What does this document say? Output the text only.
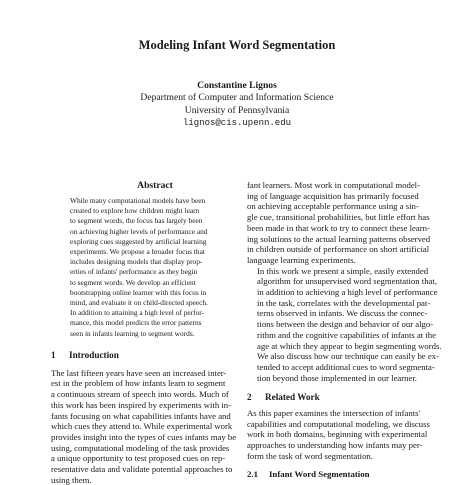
Modeling Infant Word Segmentation
Constantine Lignos
Department of Computer and Information Science
University of Pennsylvania
lignos@cis.upenn.edu
Abstract
While many computational models have been
created to explore how children might learn
to segment words, the focus has largely been
on achieving higher levels of performance and
exploring cues suggested by artificial learning
experiments. We propose a broader focus that
includes designing models that display prop-
erties of infants' performance as they begin
to segment words. We develop an efficient
bootstrapping online learner with this focus in
mind, and evaluate it on child-directed speech.
In addition to attaining a high level of perfor-
mance, this model predicts the error patterns
seen in infants learning to segment words.
1 Introduction
The last fifteen years have seen an increased inter-
est in the problem of how infants learn to segment
a continuous stream of speech into words. Much of
this work has been inspired by experiments with in-
fants focusing on what capabilities infants have and
which cues they attend to. While experimental work
provides insight into the types of cues infants may be
using, computational modeling of the task provides
a unique opportunity to test proposed cues on rep-
resentative data and validate potential approaches to
using them.
fant learners. Most work in computational model-
ing of language acquisition has primarily focused
on achieving acceptable performance using a sin-
gle cue, transitional probabilities, but little effort has
been made in that work to try to connect these learn-
ing solutions to the actual learning patterns observed
in children outside of performance on short artificial
language learning experiments.
In this work we present a simple, easily extended
algorithm for unsupervised word segmentation that,
in addition to achieving a high level of performance
in the task, correlates with the developmental pat-
terns observed in infants. We discuss the connec-
tions between the design and behavior of our algo-
rithm and the cognitive capabilities of infants at the
age at which they appear to begin segmenting words.
We also discuss how our technique can easily be ex-
tended to accept additional cues to word segmenta-
tion beyond those implemented in our learner.
2 Related Work
As this paper examines the intersection of infants'
capabilities and computational modeling, we discuss
work in both domains, beginning with experimental
approaches to understanding how infants may per-
form the task of word segmentation.
2.1 Infant Word Segmentation
